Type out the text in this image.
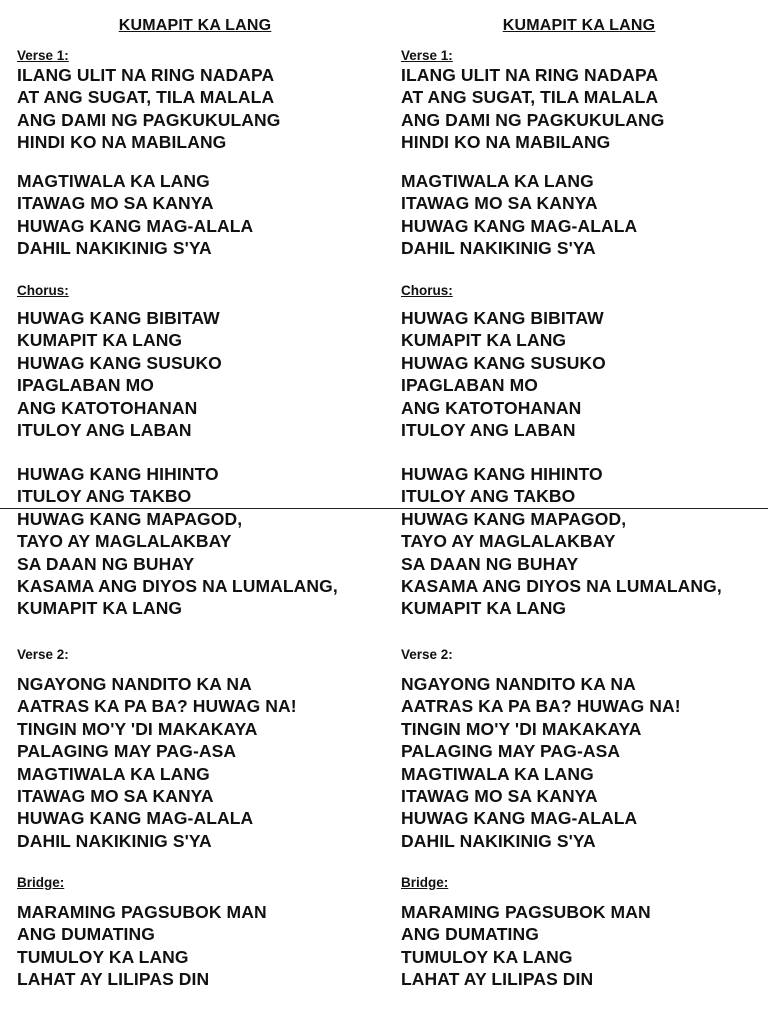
KUMAPIT KA LANG
Verse 1:
ILANG ULIT NA RING NADAPA
AT ANG SUGAT, TILA MALALA
ANG DAMI NG PAGKUKULANG
HINDI KO NA MABILANG
MAGTIWALA KA LANG
ITAWAG MO SA KANYA
HUWAG KANG MAG-ALALA
DAHIL NAKIKINIG S'YA
Chorus:
HUWAG KANG BIBITAW
KUMAPIT KA LANG
HUWAG KANG SUSUKO
IPAGLABAN MO
ANG KATOTOHANAN
ITULOY ANG LABAN
HUWAG KANG HIHINTO
ITULOY ANG TAKBO
HUWAG KANG MAPAGOD,
TAYO AY MAGLALAKBAY
SA DAAN NG BUHAY
KASAMA ANG DIYOS NA LUMALANG,
KUMAPIT KA LANG
Verse 2:
NGAYONG NANDITO KA NA
AATRAS KA PA BA? HUWAG NA!
TINGIN MO'Y 'DI MAKAKAYA
PALAGING MAY PAG-ASA
MAGTIWALA KA LANG
ITAWAG MO SA KANYA
HUWAG KANG MAG-ALALA
DAHIL NAKIKINIG S'YA
Bridge:
MARAMING PAGSUBOK MAN
ANG DUMATING
TUMULOY KA LANG
LAHAT AY LILIPAS DIN
KUMAPIT KA LANG
Verse 1:
ILANG ULIT NA RING NADAPA
AT ANG SUGAT, TILA MALALA
ANG DAMI NG PAGKUKULANG
HINDI KO NA MABILANG
MAGTIWALA KA LANG
ITAWAG MO SA KANYA
HUWAG KANG MAG-ALALA
DAHIL NAKIKINIG S'YA
Chorus:
HUWAG KANG BIBITAW
KUMAPIT KA LANG
HUWAG KANG SUSUKO
IPAGLABAN MO
ANG KATOTOHANAN
ITULOY ANG LABAN
HUWAG KANG HIHINTO
ITULOY ANG TAKBO
HUWAG KANG MAPAGOD,
TAYO AY MAGLALAKBAY
SA DAAN NG BUHAY
KASAMA ANG DIYOS NA LUMALANG,
KUMAPIT KA LANG
Verse 2:
NGAYONG NANDITO KA NA
AATRAS KA PA BA? HUWAG NA!
TINGIN MO'Y 'DI MAKAKAYA
PALAGING MAY PAG-ASA
MAGTIWALA KA LANG
ITAWAG MO SA KANYA
HUWAG KANG MAG-ALALA
DAHIL NAKIKINIG S'YA
Bridge:
MARAMING PAGSUBOK MAN
ANG DUMATING
TUMULOY KA LANG
LAHAT AY LILIPAS DIN
